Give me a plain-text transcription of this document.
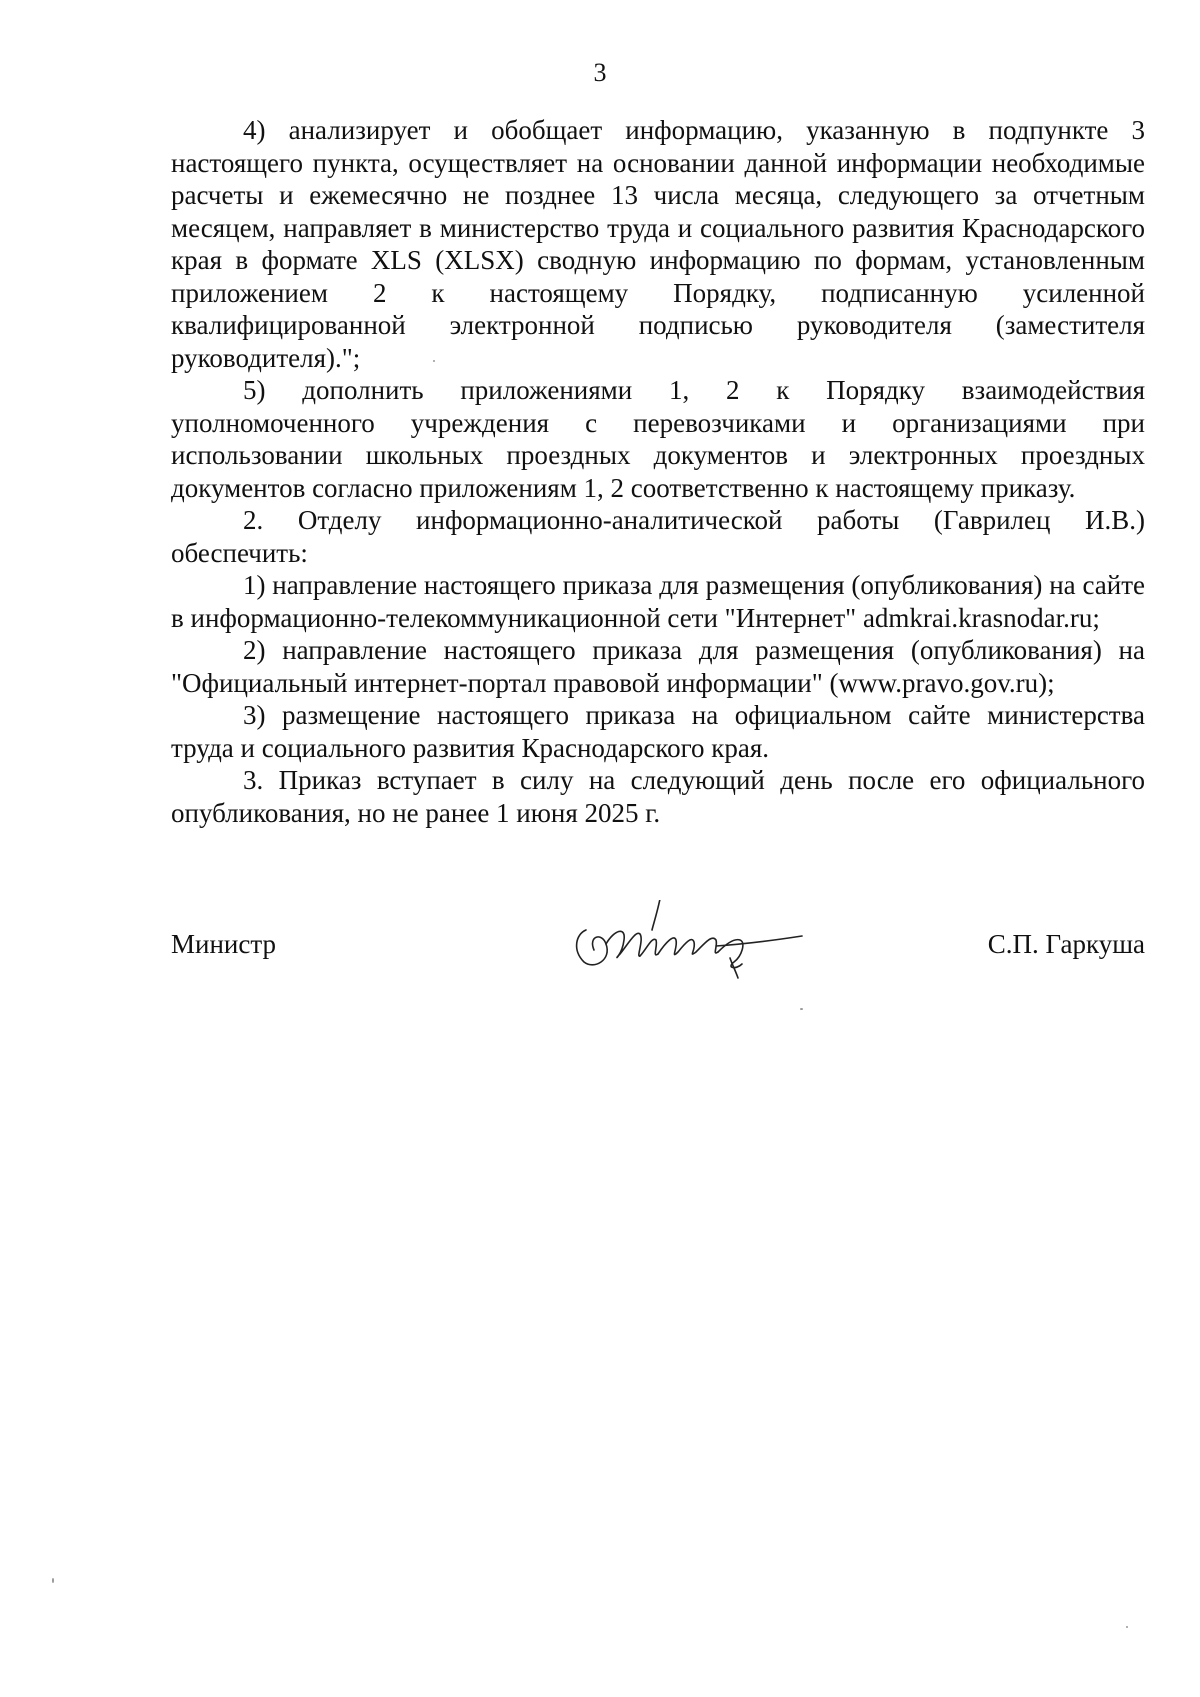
3

4) анализирует и обобщает информацию, указанную в подпункте 3 настоящего пункта, осуществляет на основании данной информации необходимые расчеты и ежемесячно не позднее 13 числа месяца, следующего за отчетным месяцем, направляет в министерство труда и социального развития Краснодарского края в формате XLS (XLSX) сводную информацию по формам, установленным приложением 2 к настоящему Порядку, подписанную усиленной квалифицированной электронной подписью руководителя (заместителя руководителя).";

5) дополнить приложениями 1, 2 к Порядку взаимодействия уполномоченного учреждения с перевозчиками и организациями при использовании школьных проездных документов и электронных проездных документов согласно приложениям 1, 2 соответственно к настоящему приказу.

2. Отделу информационно-аналитической работы (Гаврилец И.В.) обеспечить:

1) направление настоящего приказа для размещения (опубликования) на сайте в информационно-телекоммуникационной сети "Интернет" admkrai.krasnodar.ru;

2) направление настоящего приказа для размещения (опубликования) на "Официальный интернет-портал правовой информации" (www.pravo.gov.ru);

3) размещение настоящего приказа на официальном сайте министерства труда и социального развития Краснодарского края.

3. Приказ вступает в силу на следующий день после его официального опубликования, но не ранее 1 июня 2025 г.

Министр	С.П. Гаркуша
